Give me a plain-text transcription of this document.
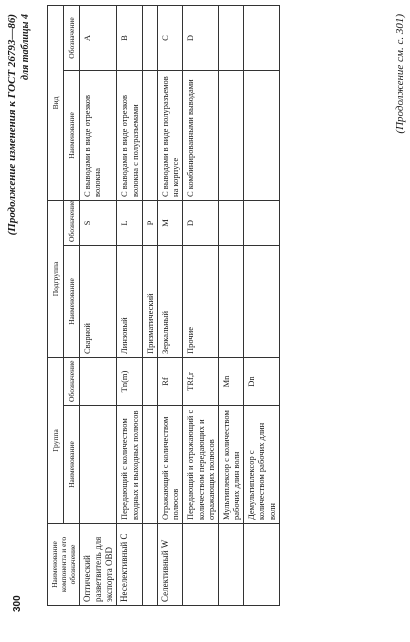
300
(Продолжение изменения к ГОСТ 26793—86) для таблицы 4
Наименование компонента и его обозначение	Группа		Подгруппа		Вид	
	Наименование	Обозначение	Наименование	Обозначение	Наименование	Обозначение
Оптический разветвитель для экспорта ОВD			Сварной	S	С выводами в виде отрезков волокна	A
Неселективный C	Передающий с количеством входных и выходных полюсов	Tn(m)	Линзовый	L	С выводами в виде отрезков волокна с полуразъемами	B
			Призматический	P		
Селективный W	Отражающий с количеством полюсов	Rf	Зеркальный	M	С выводами в виде полуразъемов на корпусе	C
	Передающий и отражающий с количеством передающих и отражающих полюсов	TRf,r	Прочие	D	С комбинированными выводами	D
	Мультиплексор с количеством рабочих длин волн	Mn				
	Демультиплексор с количеством рабочих длин волн	Dn				
(Продолжение см. с. 301)
